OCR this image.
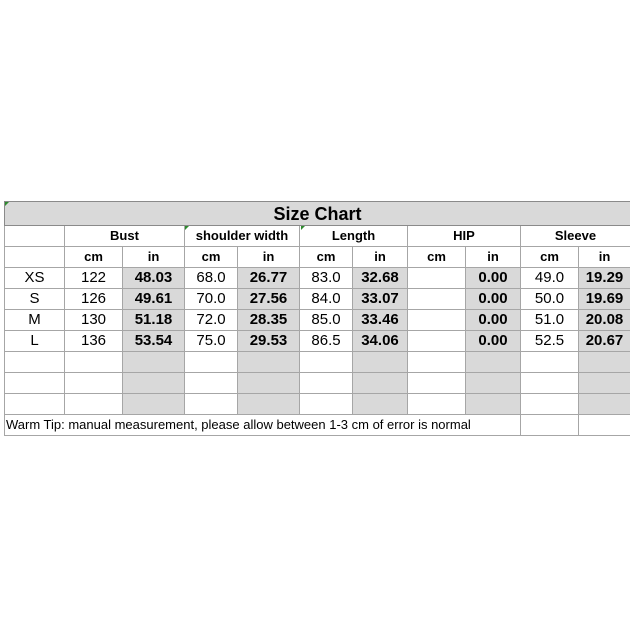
Size Chart										
	Bust		shoulder width		Length		HIP		Sleeve	
	cm	in	cm	in	cm	in	cm	in	cm	in
XS	122	48.03	68.0	26.77	83.0	32.68		0.00	49.0	19.29
S	126	49.61	70.0	27.56	84.0	33.07		0.00	50.0	19.69
M	130	51.18	72.0	28.35	85.0	33.46		0.00	51.0	20.08
L	136	53.54	75.0	29.53	86.5	34.06		0.00	52.5	20.67

Warm Tip: manual measurement, please allow between 1-3 cm of error is normal										
